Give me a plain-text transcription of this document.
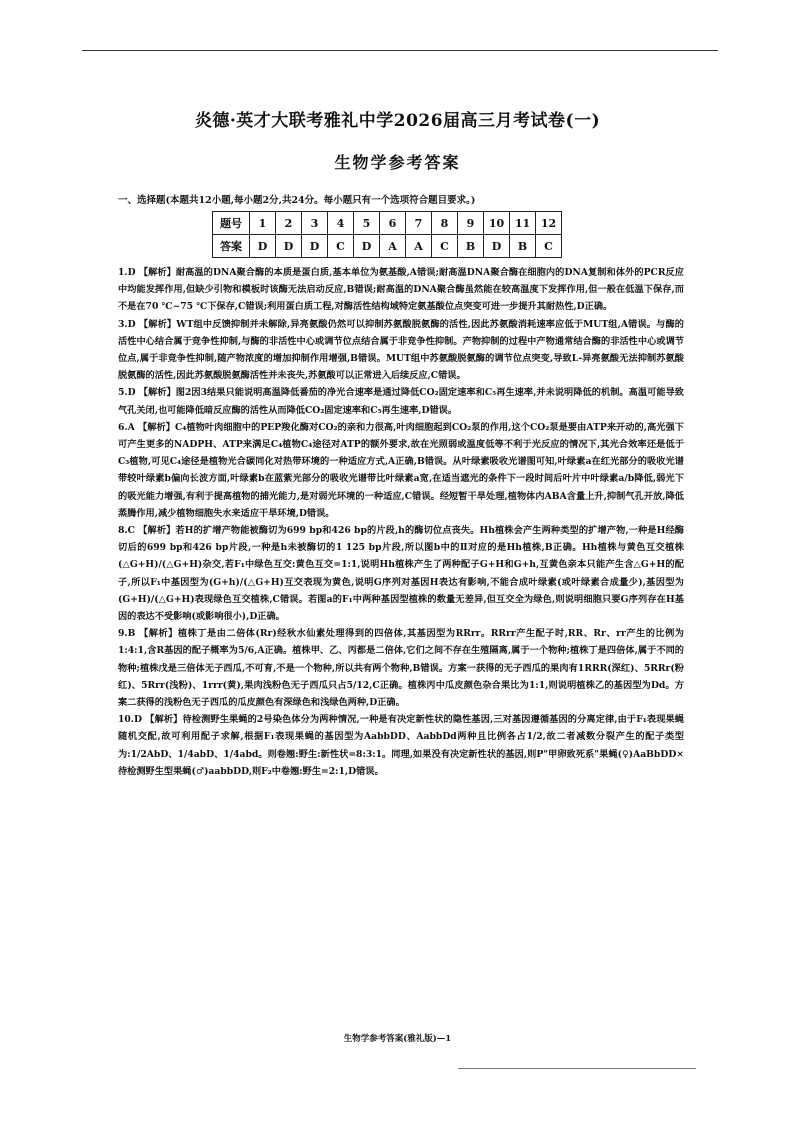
炎德·英才大联考雅礼中学2026届高三月考试卷(一)
生物学参考答案
一、选择题(本题共12小题,每小题2分,共24分。每小题只有一个选项符合题目要求。)
题号	1	2	3	4	5	6	7	8	9	10	11	12
答案	D	D	D	C	D	A	A	C	B	D	B	C

1.D 【解析】耐高温的DNA聚合酶的本质是蛋白质,基本单位为氨基酸,A错误;耐高温DNA聚合酶在细胞内的DNA复制和体外的PCR反应中均能发挥作用,但缺少引物和模板时该酶无法启动反应,B错误;耐高温的DNA聚合酶虽然能在较高温度下发挥作用,但一般在低温下保存,而不是在70 ℃~75 ℃下保存,C错误;利用蛋白质工程,对酶活性结构域特定氨基酸位点突变可进一步提升其耐热性,D正确。

3.D 【解析】WT组中反馈抑制并未解除,异亮氨酸仍然可以抑制苏氨酸脱氨酶的活性,因此苏氨酸消耗速率应低于MUT组,A错误。与酶的活性中心结合属于竞争性抑制,与酶的非活性中心或调节位点结合属于非竞争性抑制。产物抑制的过程中产物通常结合酶的非活性中心或调节位点,属于非竞争性抑制,随产物浓度的增加抑制作用增强,B错误。MUT组中苏氨酸脱氨酶的调节位点突变,导致L-异亮氨酸无法抑制苏氨酸脱氨酶的活性,因此苏氨酸脱氨酶活性并未丧失,苏氨酸可以正常进入后续反应,C错误。

5.D 【解析】图2因3结果只能说明高温降低番茄的净光合速率是通过降低CO₂固定速率和C₅再生速率,并未说明降低的机制。高温可能导致气孔关闭,也可能降低暗反应酶的活性从而降低CO₂固定速率和C₅再生速率,D错误。

6.A 【解析】C₄植物叶肉细胞中的PEP羧化酶对CO₂的亲和力很高,叶肉细胞起到CO₂泵的作用,这个CO₂泵是要由ATP来开动的,高光强下可产生更多的NADPH、ATP来满足C₄植物C₄途径对ATP的额外要求,故在光照弱或温度低等不利于光反应的情况下,其光合效率还是低于C₃植物,可见C₄途径是植物光合碳同化对热带环境的一种适应方式,A正确,B错误。从叶绿素吸收光谱图可知,叶绿素a在红光部分的吸收光谱带较叶绿素b偏向长波方面,叶绿素b在蓝紫光部分的吸收光谱带比叶绿素a宽,在适当遮光的条件下一段时间后叶片中叶绿素a/b降低,弱光下的吸光能力增强,有利于提高植物的捕光能力,是对弱光环境的一种适应,C错误。经短暂干旱处理,植物体内ABA含量上升,抑制气孔开放,降低蒸腾作用,减少植物细胞失水来适应干旱环境,D错误。

8.C 【解析】若H的扩增产物能被酶切为699 bp和426 bp的片段,h的酶切位点丧失。Hh植株会产生两种类型的扩增产物,一种是H经酶切后的699 bp和426 bp片段,一种是h未被酶切的1 125 bp片段,所以图b中的Ⅱ对应的是Hh植株,B正确。Hh植株与黄色互交植株(△G+H)/(△G+H)杂交,若F₁中绿色互交:黄色互交=1:1,说明Hh植株产生了两种配子G+H和G+h,互黄色亲本只能产生含△G+H的配子,所以F₁中基因型为(G+h)/(△G+H)互交表现为黄色,说明G序列对基因H表达有影响,不能合成叶绿素(或叶绿素合成量少),基因型为(G+H)/(△G+H)表现绿色互交植株,C错误。若图a的F₁中两种基因型植株的数量无差异,但互交全为绿色,则说明细胞只要G序列存在H基因的表达不受影响(或影响很小),D正确。

9.B 【解析】植株丁是由二倍体(Rr)经秋水仙素处理得到的四倍体,其基因型为RRrr。RRrr产生配子时,RR、Rr、rr产生的比例为1:4:1,含R基因的配子概率为5/6,A正确。植株甲、乙、丙都是二倍体,它们之间不存在生殖隔离,属于一个物种;植株丁是四倍体,属于不同的物种;植株戊是三倍体无子西瓜,不可育,不是一个物种,所以共有两个物种,B错误。方案一获得的无子西瓜的果肉有1RRR(深红)、5RRr(粉红)、5Rrr(浅粉)、1rrr(黄),果肉浅粉色无子西瓜只占5/12,C正确。植株丙中瓜皮颜色杂合果比为1:1,则说明植株乙的基因型为Dd。方案二获得的浅粉色无子西瓜的瓜皮颜色有深绿色和浅绿色两种,D正确。

10.D 【解析】待检测野生果蝇的2号染色体分为两种情况,一种是有决定新性状的隐性基因,三对基因遵循基因的分离定律,由于F₁表现果蝇随机交配,故可利用配子求解,根据F₁表现果蝇的基因型为AabbDD、AabbDd两种且比例各占1/2,故二者减数分裂产生的配子类型为:1/2AbD、1/4abD、1/4abd。则卷翘:野生:新性状=8:3:1。同理,如果没有决定新性状的基因,则P"甲卵致死系"果蝇(♀)AaBbDD×待检测野生型果蝇(♂)aabbDD,则F₂中卷翘:野生=2:1,D错误。

生物学参考答案(雅礼版)—1
